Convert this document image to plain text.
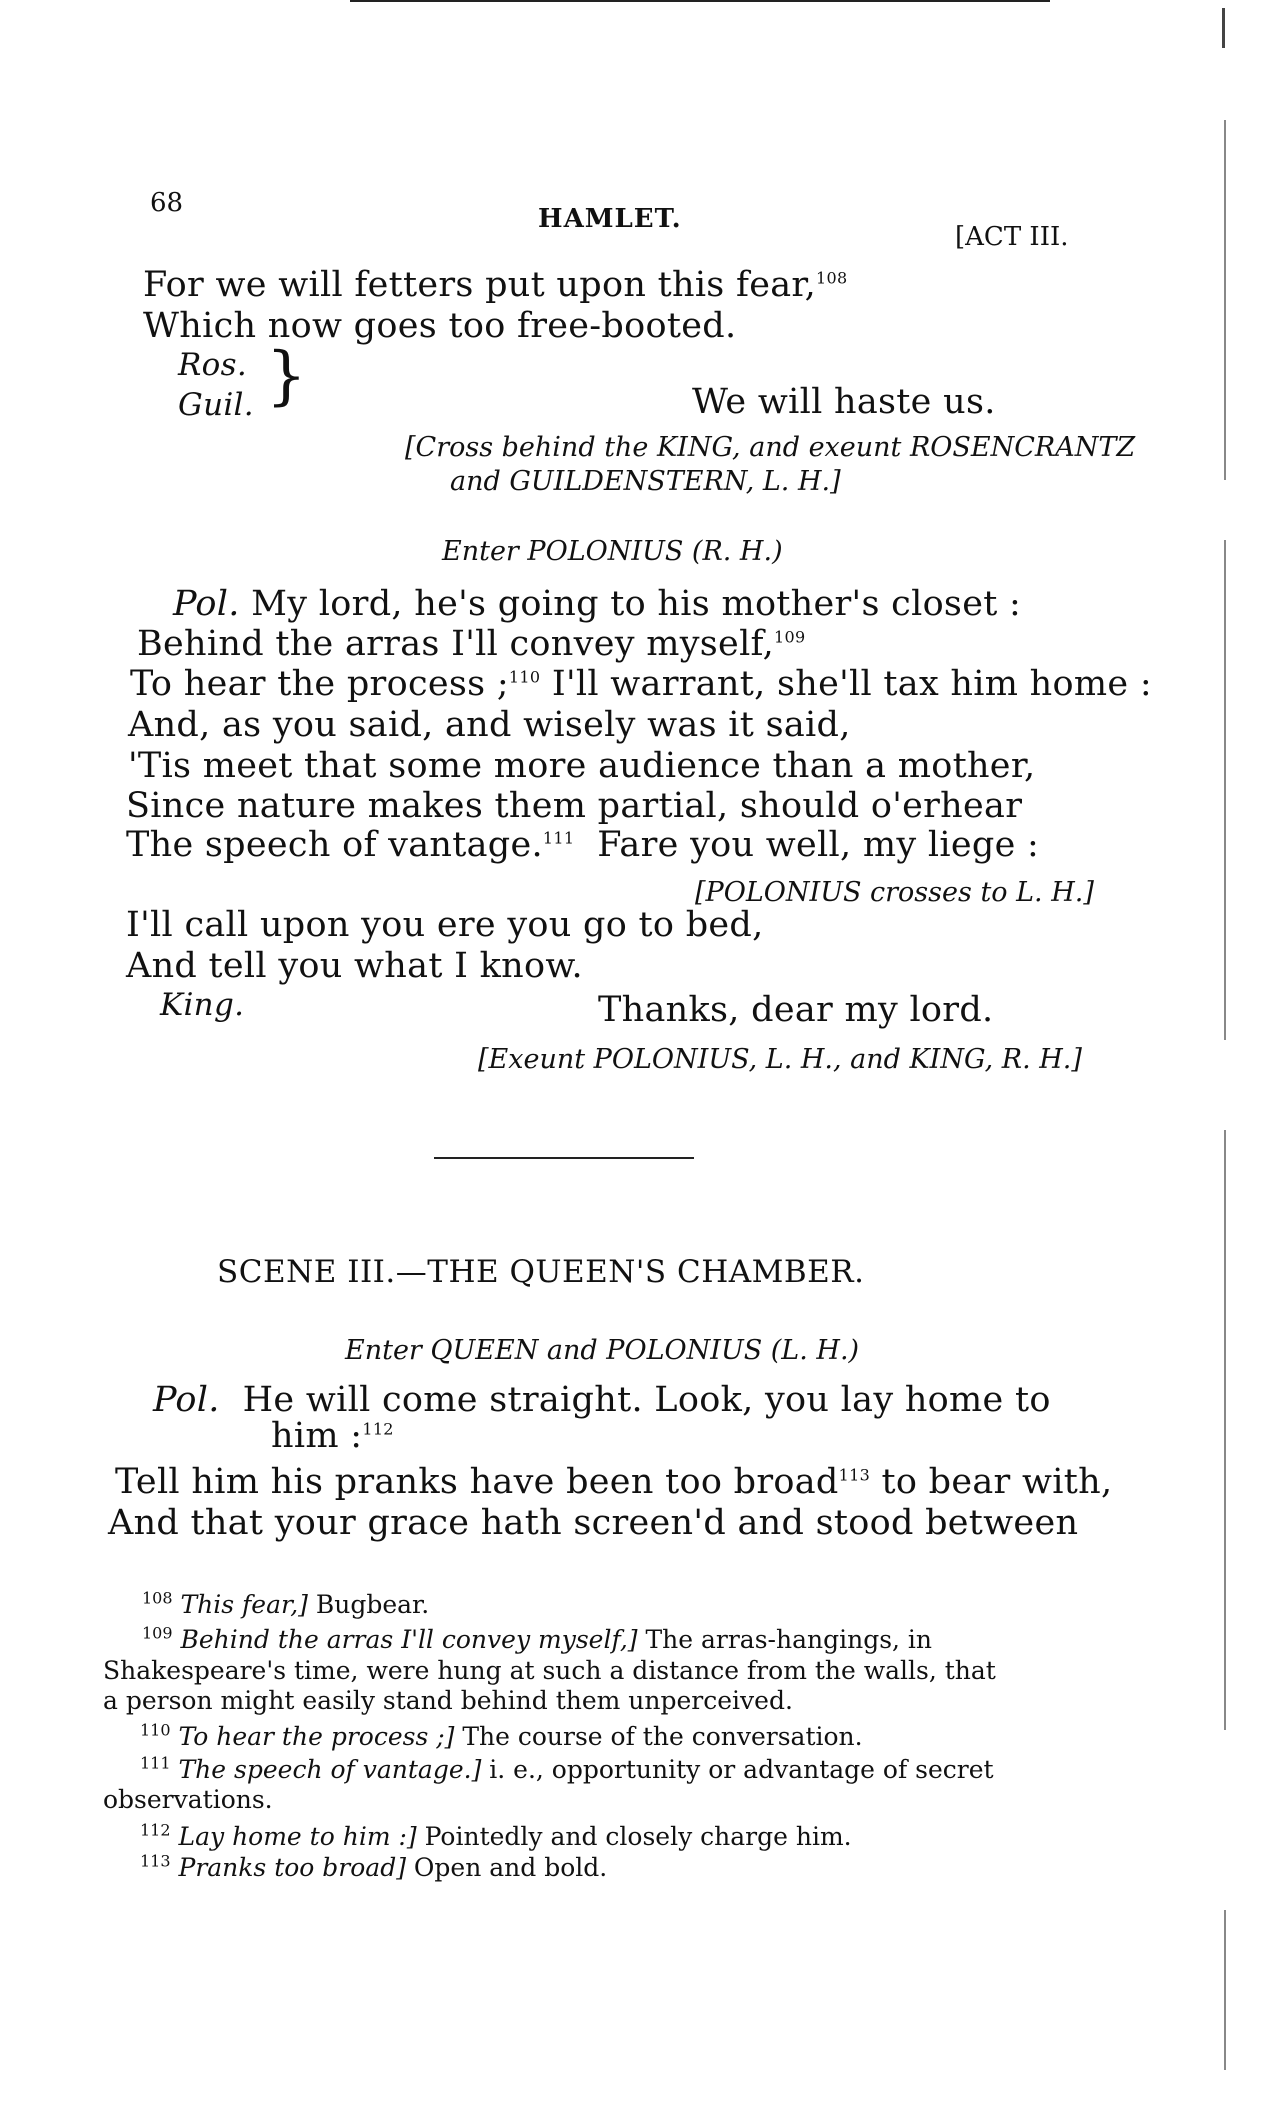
68
HAMLET.
[ACT III.
For we will fetters put upon this fear,$^{108}$
Which now goes too free-booted.
Ros.
Guil. }	We will haste us.
[Cross behind the KING, and exeunt ROSENCRANTZ
and GUILDENSTERN, L. H.]
Enter POLONIUS (R. H.)
Pol. My lord, he's going to his mother's closet :
Behind the arras I'll convey myself,$^{109}$
To hear the process ;$^{110}$ I'll warrant, she'll tax him home :
And, as you said, and wisely was it said,
'Tis meet that some more audience than a mother,
Since nature makes them partial, should o'erhear
The speech of vantage.$^{111}$ Fare you well, my liege :
[POLONIUS crosses to L. H.]
I'll call upon you ere you go to bed,
And tell you what I know.
King.	Thanks, dear my lord.
[Exeunt POLONIUS, L. H., and KING, R. H.]
SCENE III.—THE QUEEN'S CHAMBER.
Enter QUEEN and POLONIUS (L. H.)
Pol. He will come straight. Look, you lay home to
him :$^{112}$
Tell him his pranks have been too broad$^{113}$ to bear with,
And that your grace hath screen'd and stood between
$^{108}$ This fear,] Bugbear.
$^{109}$ Behind the arras I'll convey myself,] The arras-hangings, in
Shakespeare's time, were hung at such a distance from the walls, that
a person might easily stand behind them unperceived.
$^{110}$ To hear the process ;] The course of the conversation.
$^{111}$ The speech of vantage.] i. e., opportunity or advantage of secret
observations.
$^{112}$ Lay home to him :] Pointedly and closely charge him.
$^{113}$ Pranks too broad] Open and bold.
